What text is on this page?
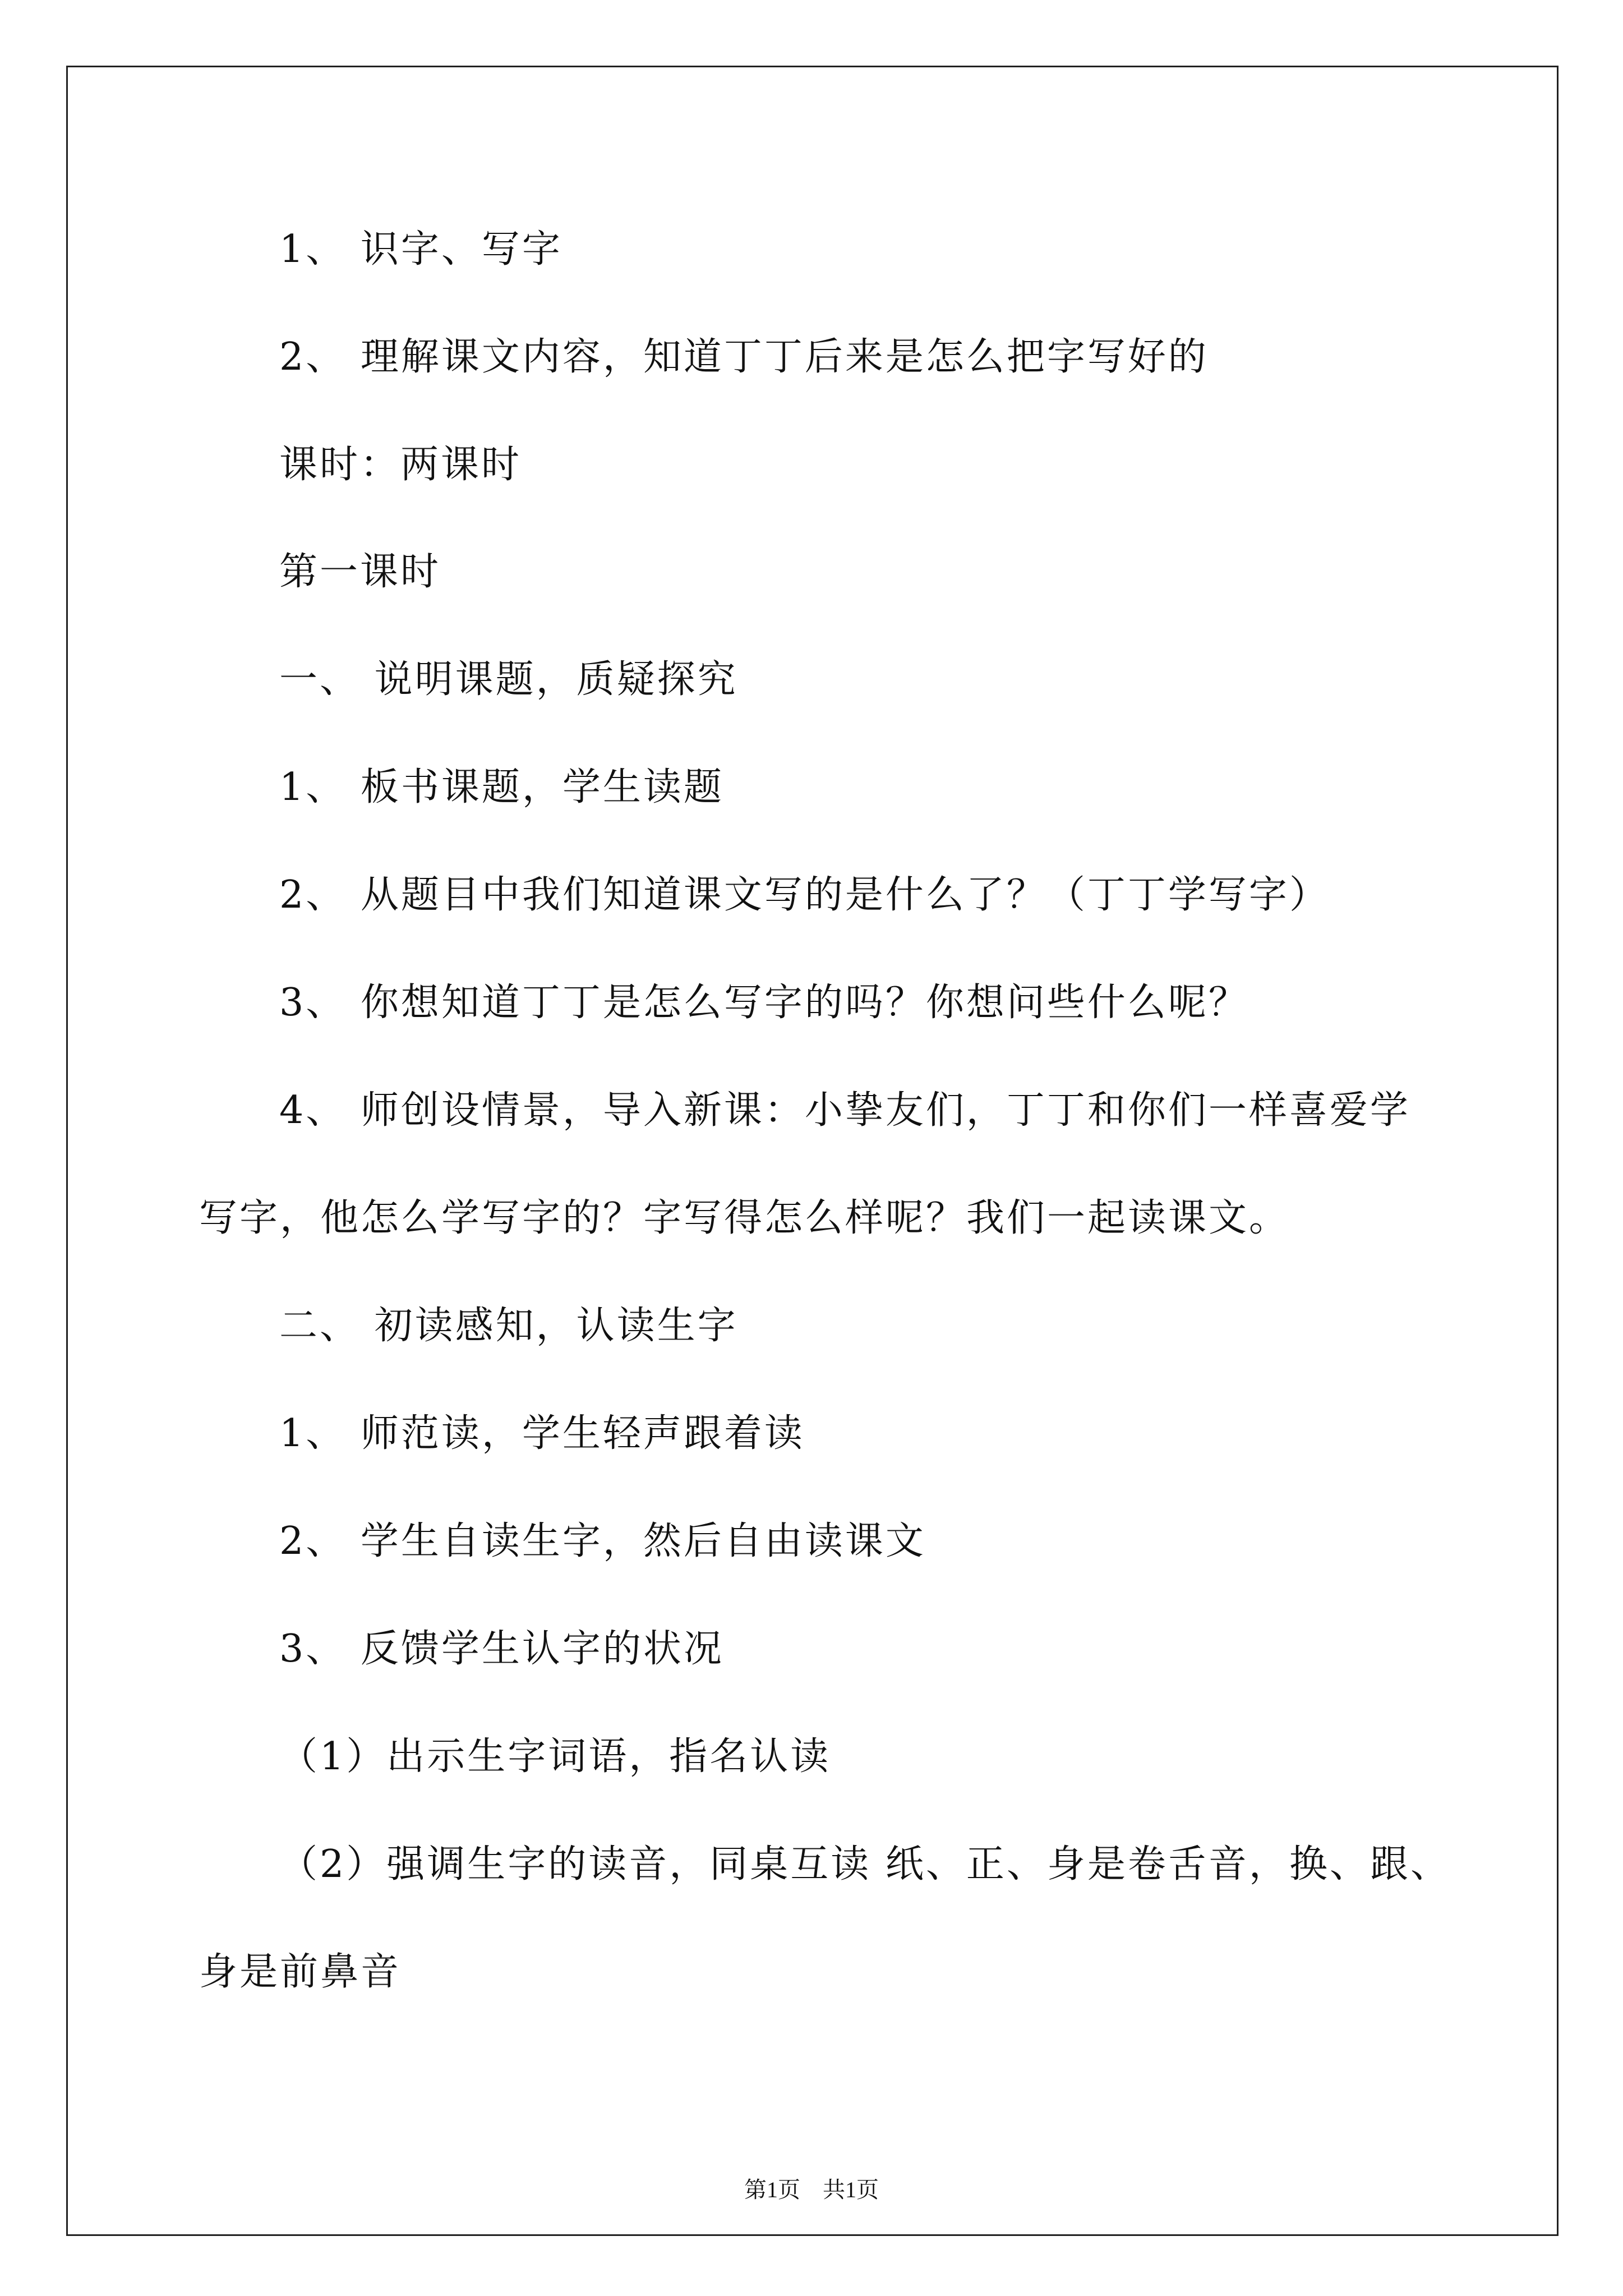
1、 识字、写字
2、 理解课文内容，知道丁丁后来是怎么把字写好的
课时：两课时
第一课时
一、 说明课题，质疑探究
1、 板书课题，学生读题
2、 从题目中我们知道课文写的是什么了？（丁丁学写字）
3、 你想知道丁丁是怎么写字的吗？你想问些什么呢？
4、 师创设情景，导入新课：小挚友们，丁丁和你们一样喜爱学
写字，他怎么学写字的？字写得怎么样呢？我们一起读课文。
二、 初读感知，认读生字
1、 师范读，学生轻声跟着读
2、 学生自读生字，然后自由读课文
3、 反馈学生认字的状况
（1）出示生字词语，指名认读
（2）强调生字的读音，同桌互读 纸、正、身是卷舌音，换、跟、
身是前鼻音
第1页 共1页
